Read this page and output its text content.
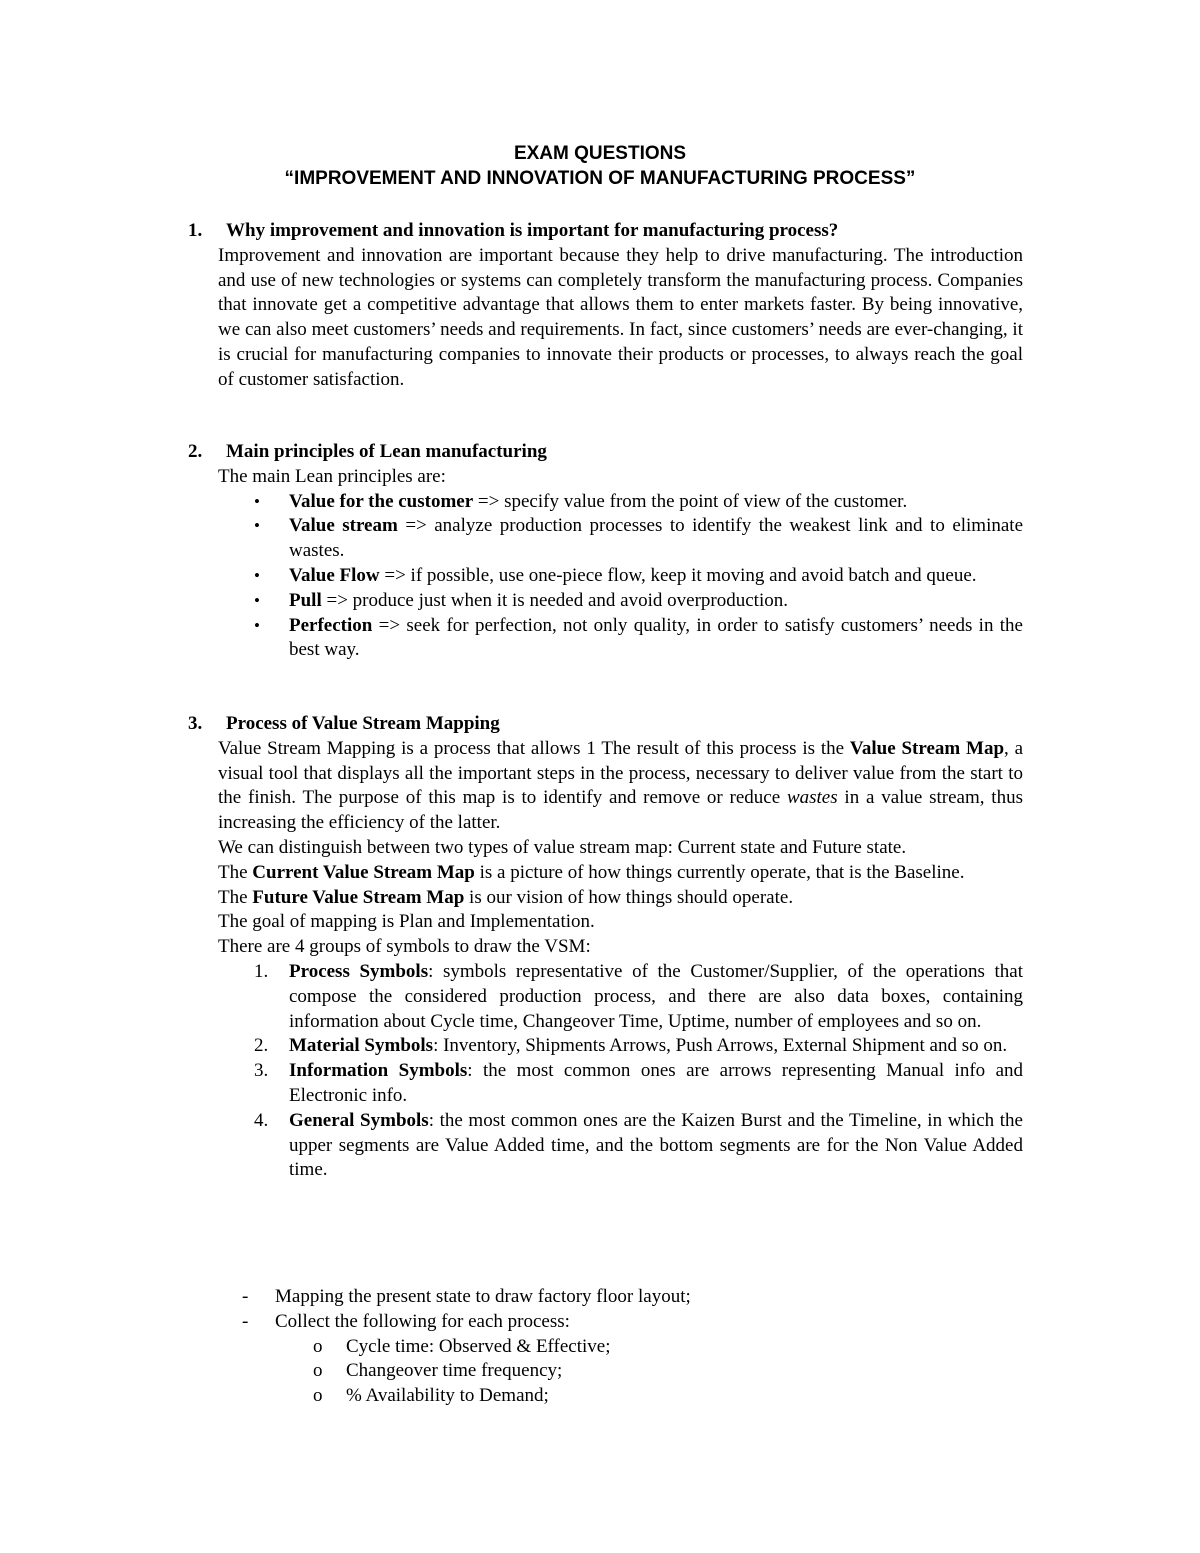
EXAM QUESTIONS
“IMPROVEMENT AND INNOVATION OF MANUFACTURING PROCESS”
1. Why improvement and innovation is important for manufacturing process?
Improvement and innovation are important because they help to drive manufacturing. The introduction and use of new technologies or systems can completely transform the manufacturing process. Companies that innovate get a competitive advantage that allows them to enter markets faster. By being innovative, we can also meet customers’ needs and requirements. In fact, since customers’ needs are ever-changing, it is crucial for manufacturing companies to innovate their products or processes, to always reach the goal of customer satisfaction.
2. Main principles of Lean manufacturing

The main Lean principles are:

• Value for the customer => specify value from the point of view of the customer.
• Value stream => analyze production processes to identify the weakest link and to eliminate wastes.
• Value Flow => if possible, use one-piece flow, keep it moving and avoid batch and queue.
• Pull => produce just when it is needed and avoid overproduction.
• Perfection => seek for perfection, not only quality, in order to satisfy customers’ needs in the best way.
3. Process of Value Stream Mapping

Value Stream Mapping is a process that allows 1 The result of this process is the Value Stream Map, a visual tool that displays all the important steps in the process, necessary to deliver value from the start to the finish. The purpose of this map is to identify and remove or reduce wastes in a value stream, thus increasing the efficiency of the latter.

We can distinguish between two types of value stream map: Current state and Future state.

The Current Value Stream Map is a picture of how things currently operate, that is the Baseline.

The Future Value Stream Map is our vision of how things should operate.

The goal of mapping is Plan and Implementation.

There are 4 groups of symbols to draw the VSM:

1. Process Symbols: symbols representative of the Customer/Supplier, of the operations that compose the considered production process, and there are also data boxes, containing information about Cycle time, Changeover Time, Uptime, number of employees and so on.
2. Material Symbols: Inventory, Shipments Arrows, Push Arrows, External Shipment and so on.
3. Information Symbols: the most common ones are arrows representing Manual info and Electronic info.
4. General Symbols: the most common ones are the Kaizen Burst and the Timeline, in which the upper segments are Value Added time, and the bottom segments are for the Non Value Added time.
- Mapping the present state to draw factory floor layout;
- Collect the following for each process:
o Cycle time: Observed & Effective;
o Changeover time frequency;
o % Availability to Demand;
